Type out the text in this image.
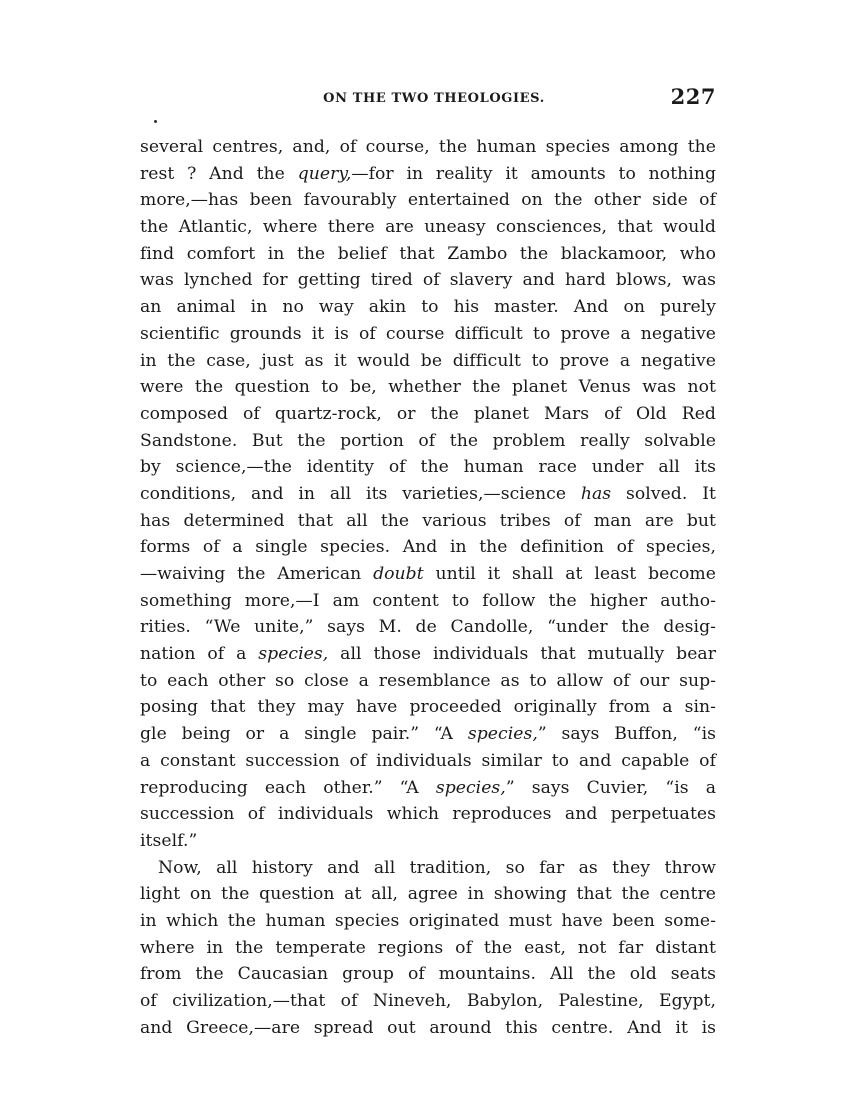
ON THE TWO THEOLOGIES.	227
several centres, and, of course, the human species among the
rest ? And the query,—for in reality it amounts to nothing
more,—has been favourably entertained on the other side of
the Atlantic, where there are uneasy consciences, that would
find comfort in the belief that Zambo the blackamoor, who
was lynched for getting tired of slavery and hard blows, was
an animal in no way akin to his master. And on purely
scientific grounds it is of course difficult to prove a negative
in the case, just as it would be difficult to prove a negative
were the question to be, whether the planet Venus was not
composed of quartz-rock, or the planet Mars of Old Red
Sandstone. But the portion of the problem really solvable
by science,—the identity of the human race under all its
conditions, and in all its varieties,—science has solved. It
has determined that all the various tribes of man are but
forms of a single species. And in the definition of species,
—waiving the American doubt until it shall at least become
something more,—I am content to follow the higher autho-
rities. “We unite,” says M. de Candolle, “under the desig-
nation of a species, all those individuals that mutually bear
to each other so close a resemblance as to allow of our sup-
posing that they may have proceeded originally from a sin-
gle being or a single pair.” “A species,” says Buffon, “is
a constant succession of individuals similar to and capable of
reproducing each other.” “A species,” says Cuvier, “is a
succession of individuals which reproduces and perpetuates
itself.”
Now, all history and all tradition, so far as they throw
light on the question at all, agree in showing that the centre
in which the human species originated must have been some-
where in the temperate regions of the east, not far distant
from the Caucasian group of mountains. All the old seats
of civilization,—that of Nineveh, Babylon, Palestine, Egypt,
and Greece,—are spread out around this centre. And it is
